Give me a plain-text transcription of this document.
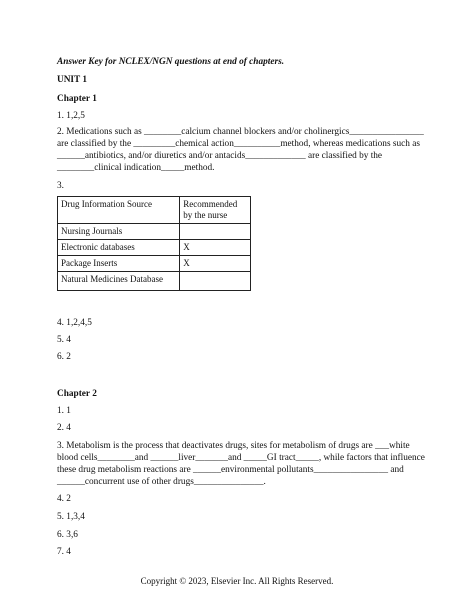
Answer Key for NCLEX/NGN questions at end of chapters.
UNIT 1
Chapter 1
1. 1,2,5
2. Medications such as ________calcium channel blockers and/or cholinergics________________
are classified by the _________chemical action__________method, whereas medications such as
______antibiotics, and/or diuretics and/or antacids_____________ are classified by the
________clinical indication_____method.
3.
Drug Information Source	Recommended by the nurse
Nursing Journals	
Electronic databases	X
Package Inserts	X
Natural Medicines Database	
4. 1,2,4,5
5. 4
6. 2
Chapter 2
1. 1
2. 4
3. Metabolism is the process that deactivates drugs, sites for metabolism of drugs are ___white
blood cells________and ______liver_______and _____GI tract_____, while factors that influence
these drug metabolism reactions are ______environmental pollutants________________ and
______concurrent use of other drugs_______________.
4. 2
5. 1,3,4
6. 3,6
7. 4
Copyright © 2023, Elsevier Inc. All Rights Reserved.
